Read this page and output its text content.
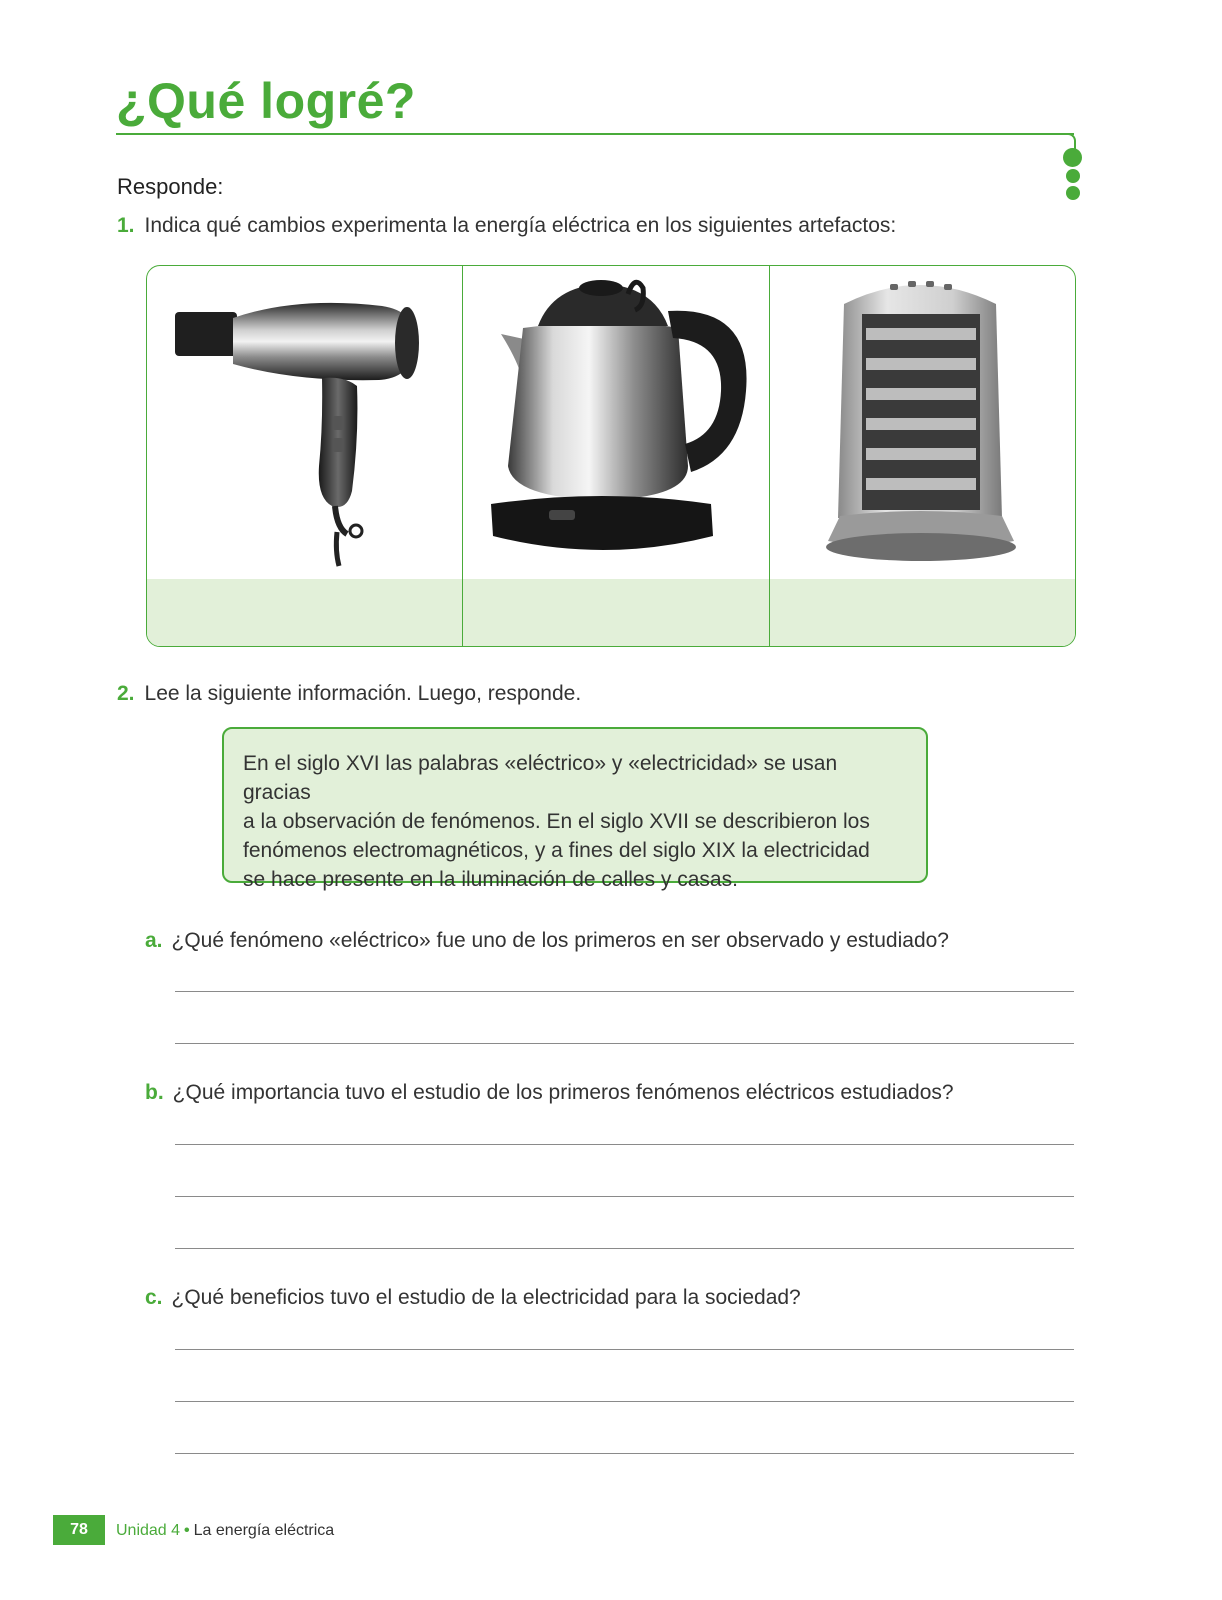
¿Qué logré?
Responde:
1. Indica qué cambios experimenta la energía eléctrica en los siguientes artefactos:
2. Lee la siguiente información. Luego, responde.

En el siglo XVI las palabras «eléctrico» y «electricidad» se usan gracias

a la observación de fenómenos. En el siglo XVII se describieron los

fenómenos electromagnéticos, y a fines del siglo XIX la electricidad

se hace presente en la iluminación de calles y casas.

a. ¿Qué fenómeno «eléctrico» fue uno de los primeros en ser observado y estudiado?
b. ¿Qué importancia tuvo el estudio de los primeros fenómenos eléctricos estudiados?
c. ¿Qué beneficios tuvo el estudio de la electricidad para la sociedad?
78	Unidad 4 • La energía eléctrica
